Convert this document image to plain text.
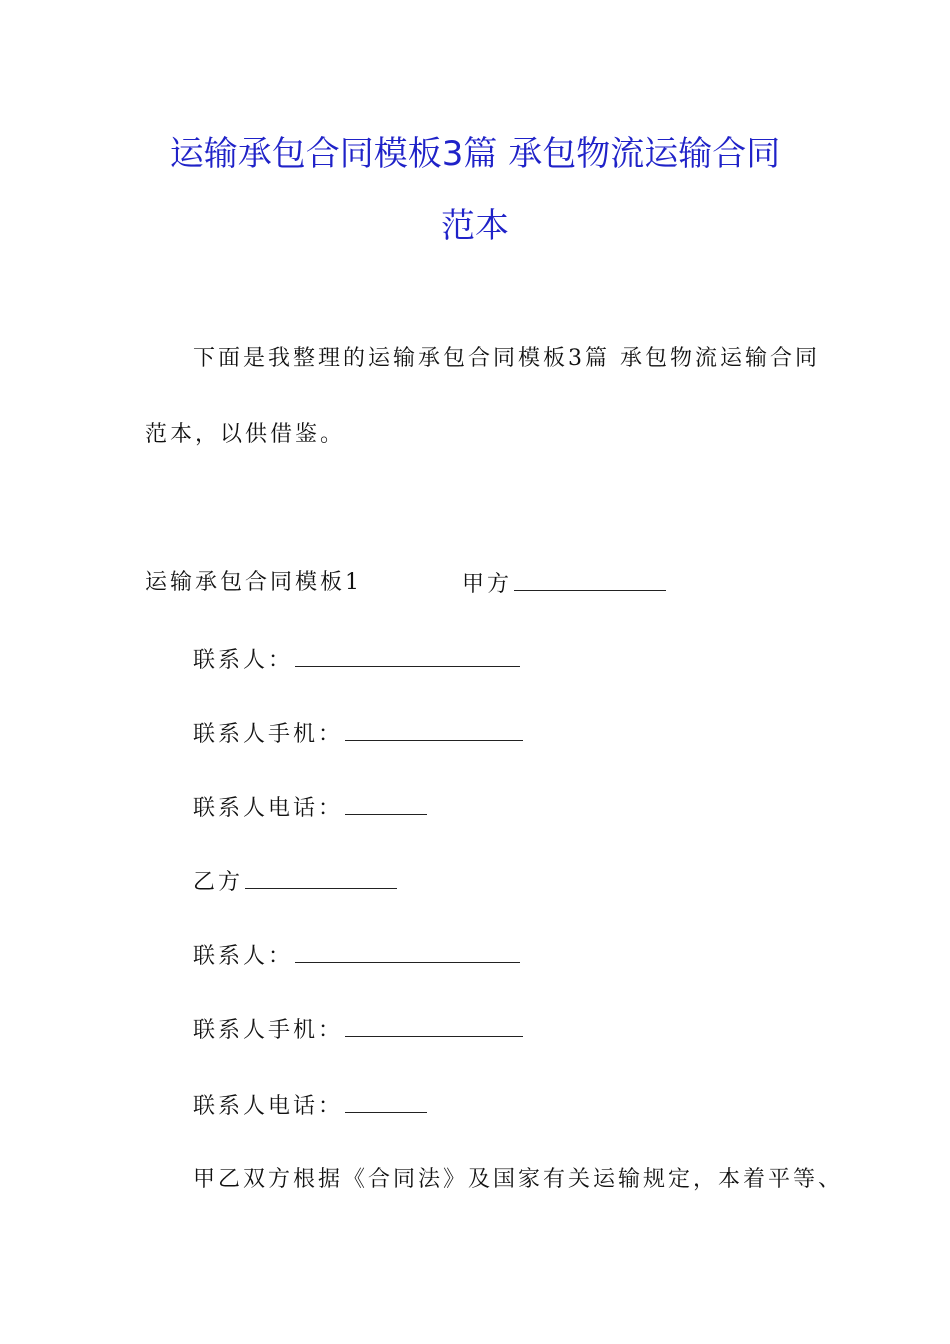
运输承包合同模板3篇 承包物流运输合同
范本
下面是我整理的运输承包合同模板3篇 承包物流运输合同
范本，以供借鉴。
运输承包合同模板1	甲方
联系人：
联系人手机：
联系人电话：
乙方
联系人：
联系人手机：
联系人电话：
甲乙双方根据《合同法》及国家有关运输规定，本着平等、
